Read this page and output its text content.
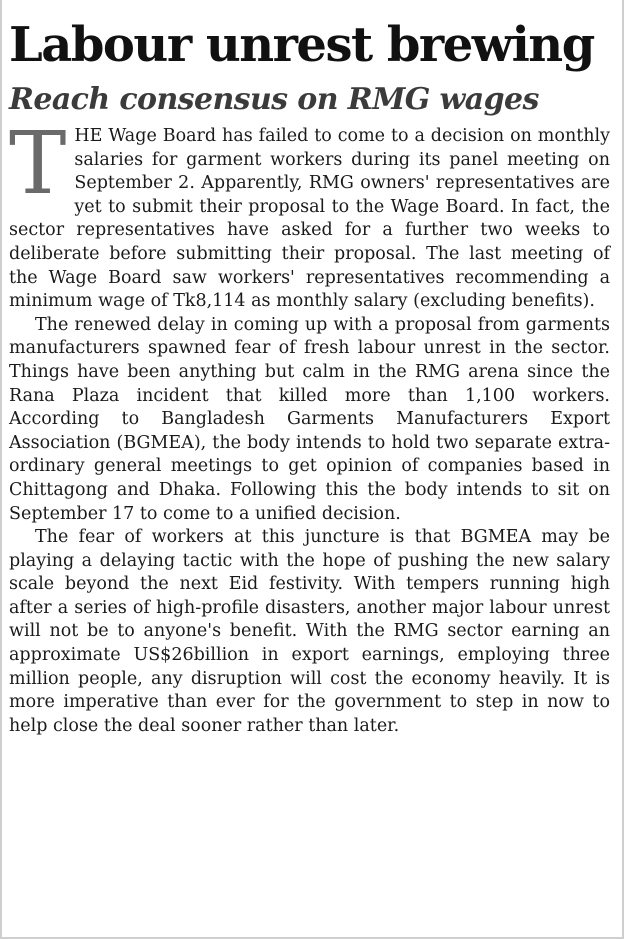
Labour unrest brewing
Reach consensus on RMG wages

THE Wage Board has failed to come to a decision on monthly salaries for garment workers during its panel meeting on September 2. Apparently, RMG owners' representatives are yet to submit their proposal to the Wage Board. In fact, the sector representatives have asked for a further two weeks to deliberate before submitting their proposal. The last meeting of the Wage Board saw workers' representatives recommending a minimum wage of Tk8,114 as monthly salary (excluding benefits).

The renewed delay in coming up with a proposal from garments manufacturers spawned fear of fresh labour unrest in the sector. Things have been anything but calm in the RMG arena since the Rana Plaza incident that killed more than 1,100 workers. According to Bangladesh Garments Manufacturers Export Association (BGMEA), the body intends to hold two separate extra-ordinary general meetings to get opinion of companies based in Chittagong and Dhaka. Following this the body intends to sit on September 17 to come to a unified decision.

The fear of workers at this juncture is that BGMEA may be playing a delaying tactic with the hope of pushing the new salary scale beyond the next Eid festivity. With tempers running high after a series of high-profile disasters, another major labour unrest will not be to anyone's benefit. With the RMG sector earning an approximate US$26billion in export earnings, employing three million people, any disruption will cost the economy heavily. It is more imperative than ever for the government to step in now to help close the deal sooner rather than later.
